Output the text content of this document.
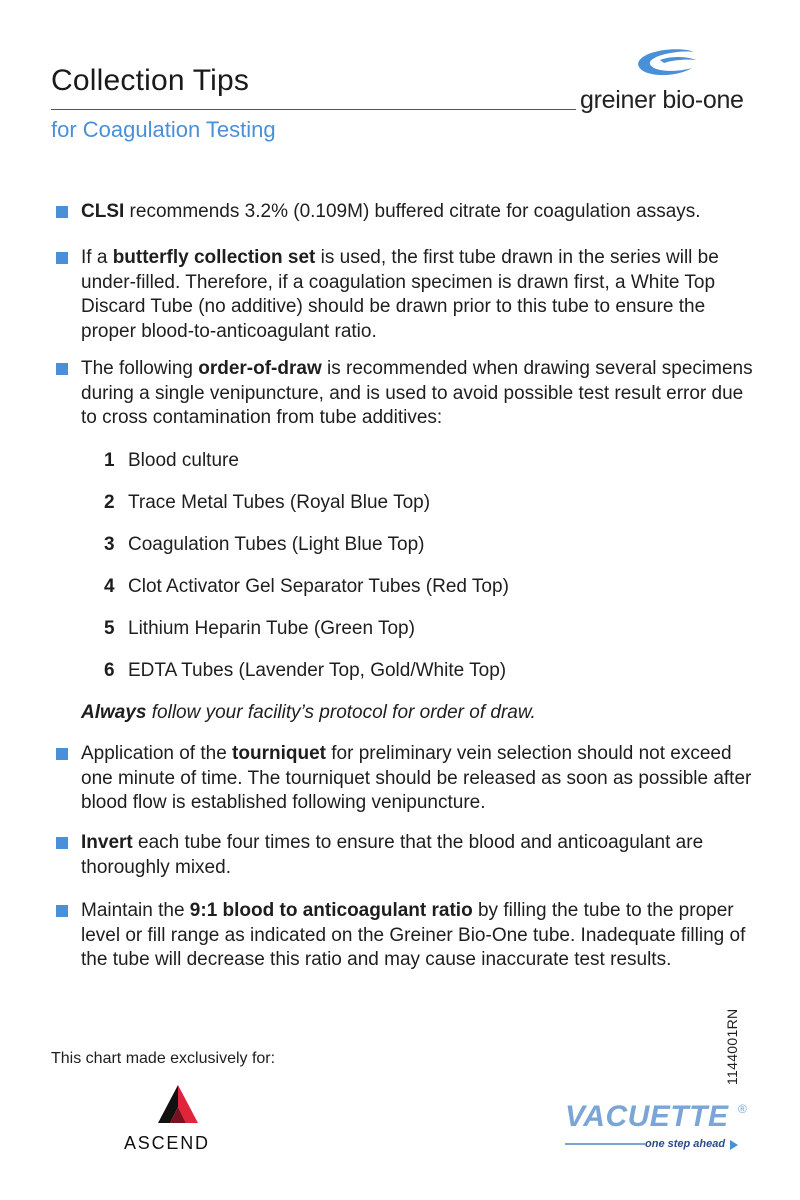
Collection Tips
for Coagulation Testing
greiner bio-one
CLSI recommends 3.2% (0.109M) buffered citrate for coagulation assays.
If a butterfly collection set is used, the first tube drawn in the series will be under-filled. Therefore, if a coagulation specimen is drawn first, a White Top Discard Tube (no additive) should be drawn prior to this tube to ensure the proper blood-to-anticoagulant ratio.
The following order-of-draw is recommended when drawing several specimens during a single venipuncture, and is used to avoid possible test result error due to cross contamination from tube additives:
Application of the tourniquet for preliminary vein selection should not exceed one minute of time. The tourniquet should be released as soon as possible after blood flow is established following venipuncture.
Invert each tube four times to ensure that the blood and anticoagulant are thoroughly mixed.
Maintain the 9:1 blood to anticoagulant ratio by filling the tube to the proper level or fill range as indicated on the Greiner Bio-One tube. Inadequate filling of the tube will decrease this ratio and may cause inaccurate test results.
1 Blood culture
2 Trace Metal Tubes (Royal Blue Top)
3 Coagulation Tubes (Light Blue Top)
4 Clot Activator Gel Separator Tubes (Red Top)
5 Lithium Heparin Tube (Green Top)
6 EDTA Tubes (Lavender Top, Gold/White Top)
Always follow your facility’s protocol for order of draw.
This chart made exclusively for:	1144001RN
ASCEND
VACUETTE ®
one step ahead
